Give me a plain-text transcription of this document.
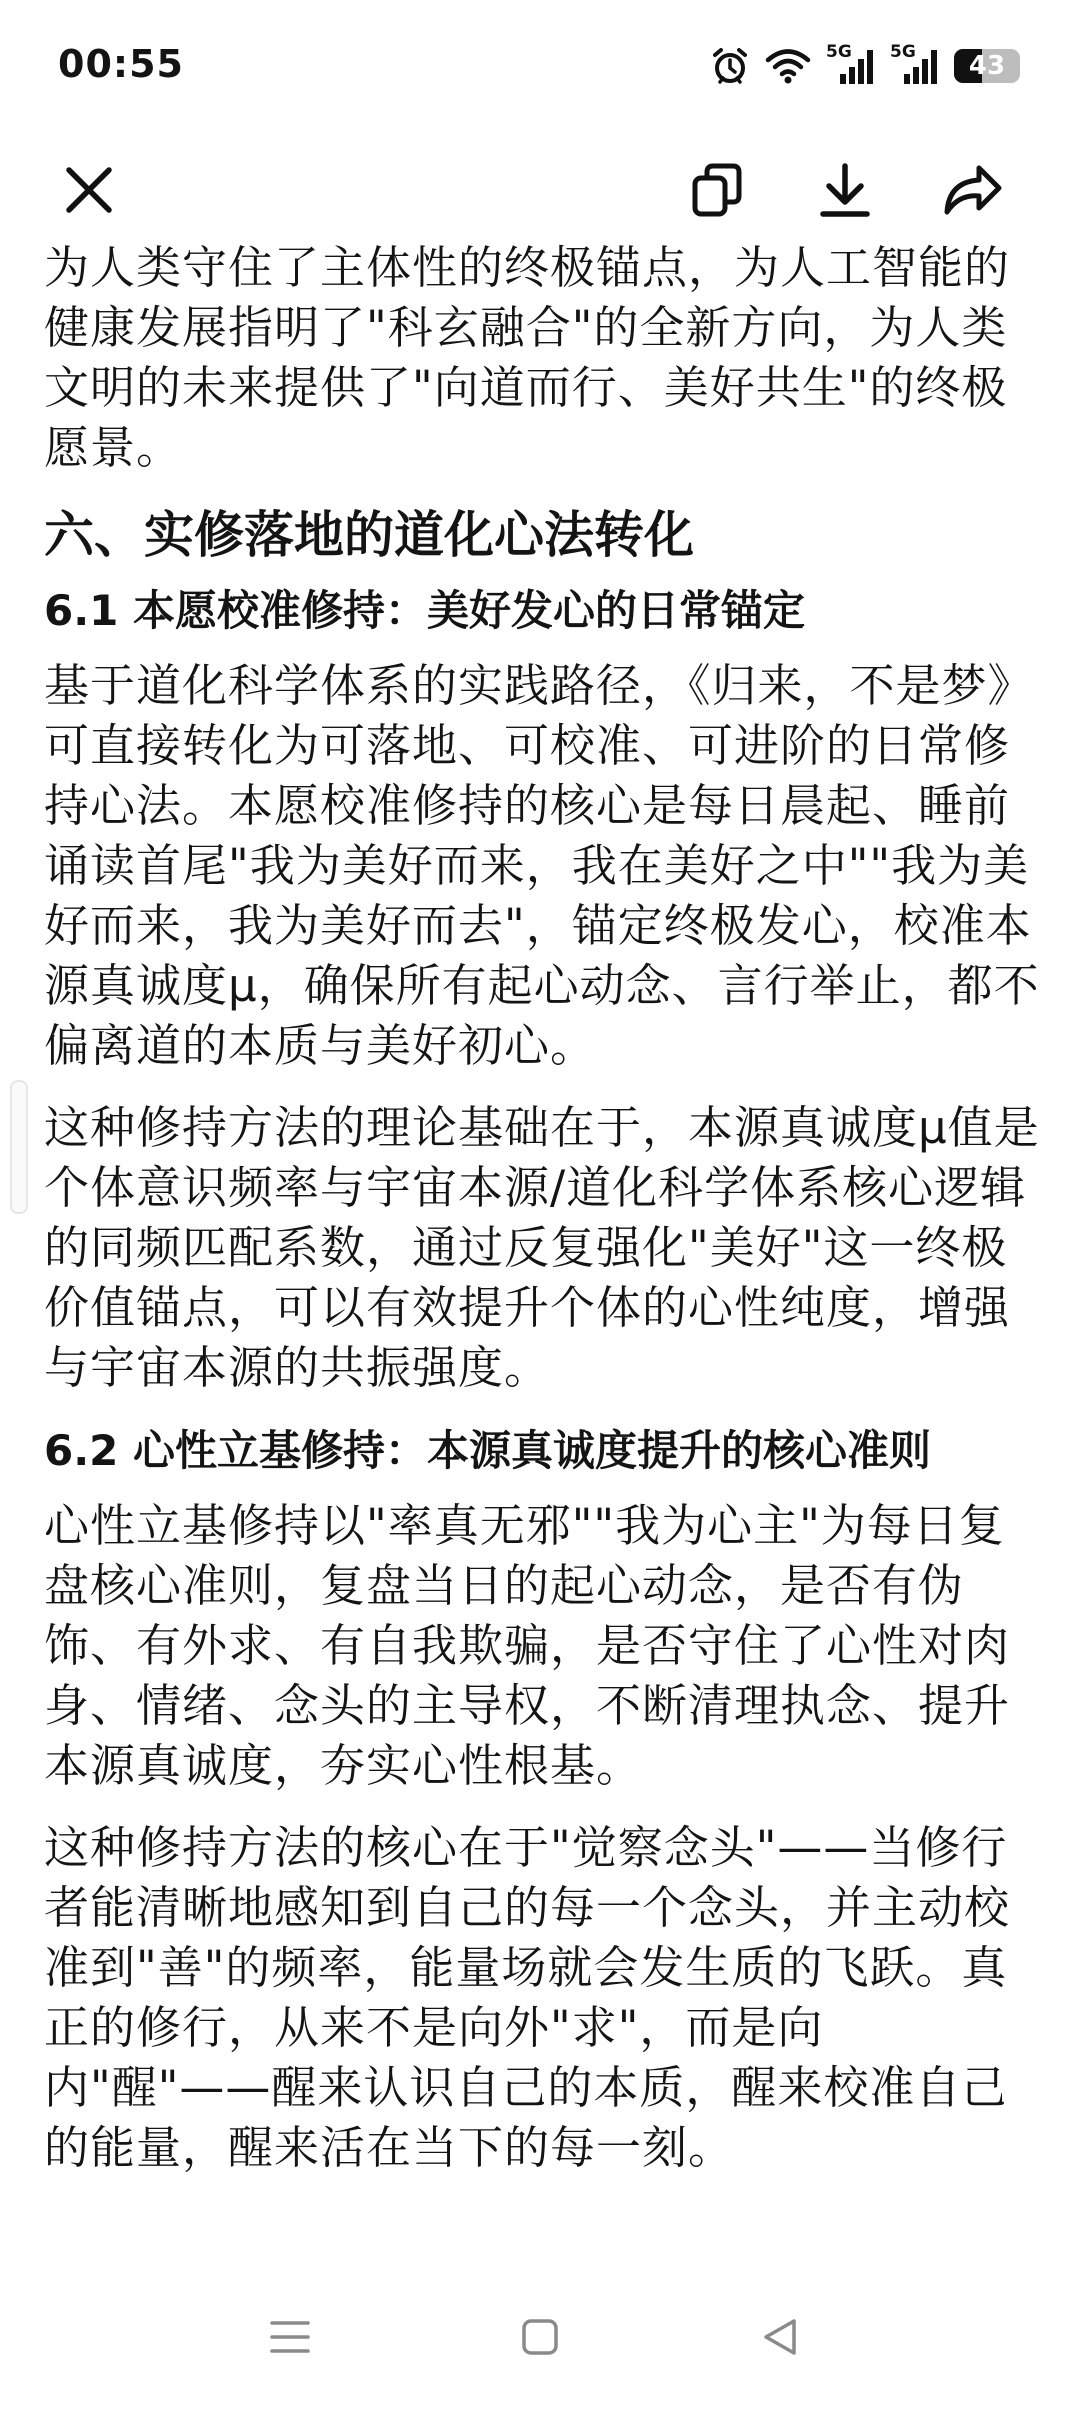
00:55	5G 5G	43

为人类守住了主体性的终极锚点，为人工智能的健康发展指明了"科玄融合"的全新方向，为人类文明的未来提供了"向道而行、美好共生"的终极愿景。

六、实修落地的道化心法转化
6.1 本愿校准修持：美好发心的日常锚定

基于道化科学体系的实践路径，《归来，不是梦》可直接转化为可落地、可校准、可进阶的日常修持心法。本愿校准修持的核心是每日晨起、睡前诵读首尾"我为美好而来，我在美好之中""我为美好而来，我为美好而去"，锚定终极发心，校准本源真诚度μ，确保所有起心动念、言行举止，都不偏离道的本质与美好初心。

这种修持方法的理论基础在于，本源真诚度μ值是个体意识频率与宇宙本源/道化科学体系核心逻辑的同频匹配系数，通过反复强化"美好"这一终极价值锚点，可以有效提升个体的心性纯度，增强与宇宙本源的共振强度。

6.2 心性立基修持：本源真诚度提升的核心准则

心性立基修持以"率真无邪""我为心主"为每日复盘核心准则，复盘当日的起心动念，是否有伪饰、有外求、有自我欺骗，是否守住了心性对肉身、情绪、念头的主导权，不断清理执念、提升本源真诚度，夯实心性根基。

这种修持方法的核心在于"觉察念头"——当修行者能清晰地感知到自己的每一个念头，并主动校准到"善"的频率，能量场就会发生质的飞跃。真正的修行，从来不是向外"求"，而是向内"醒"——醒来认识自己的本质，醒来校准自己的能量，醒来活在当下的每一刻。
